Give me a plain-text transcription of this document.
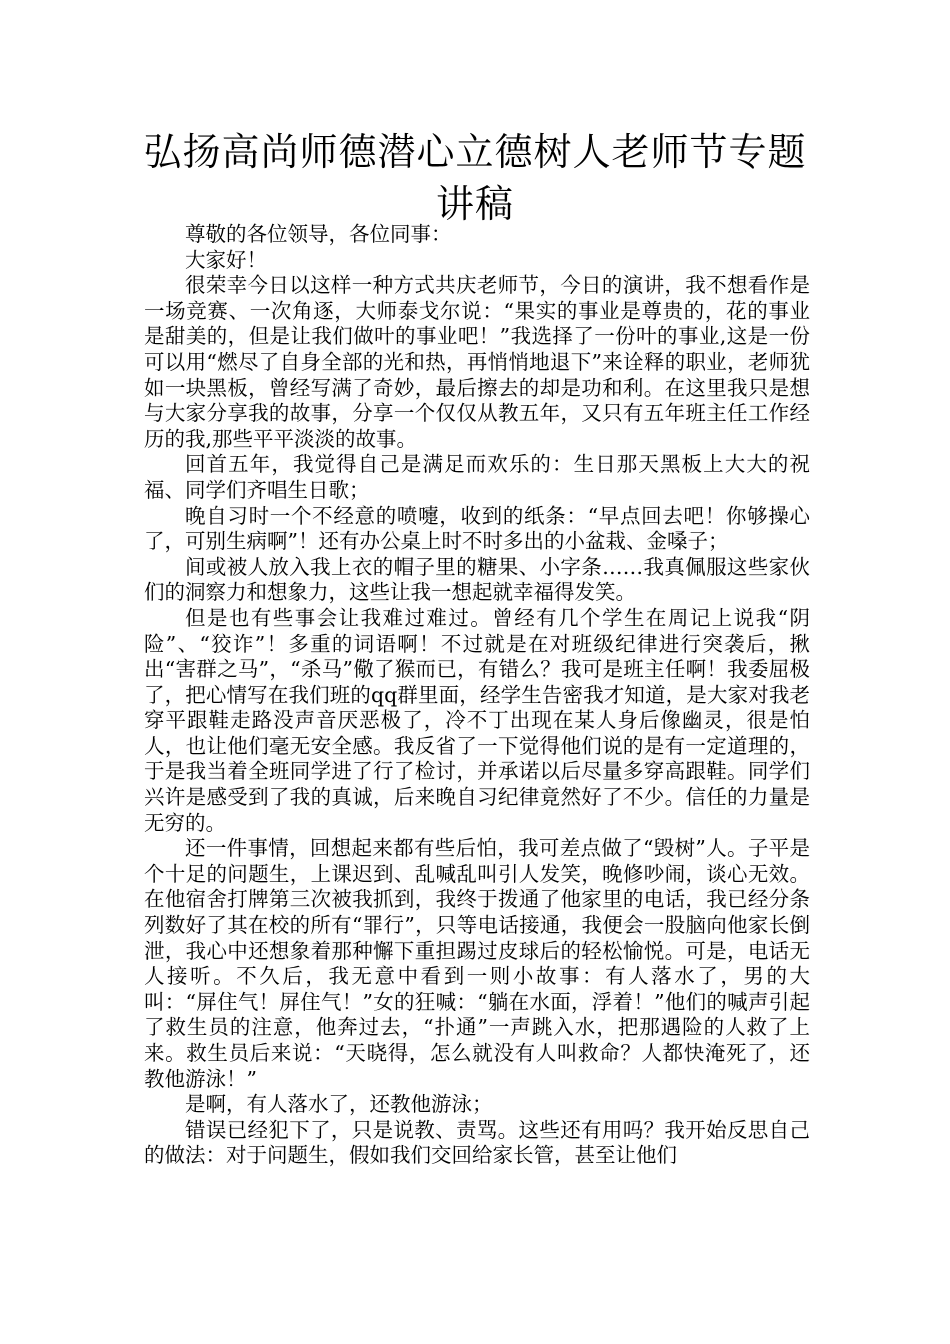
弘扬高尚师德潜心立德树人老师节专题讲稿

尊敬的各位领导，各位同事：

大家好！

很荣幸今日以这样一种方式共庆老师节，今日的演讲，我不想看作是一场竞赛、一次角逐，大师泰戈尔说：“果实的事业是尊贵的，花的事业是甜美的，但是让我们做叶的事业吧！”我选择了一份叶的事业,这是一份可以用“燃尽了自身全部的光和热，再悄悄地退下”来诠释的职业，老师犹如一块黑板，曾经写满了奇妙，最后擦去的却是功和利。在这里我只是想与大家分享我的故事，分享一个仅仅从教五年，又只有五年班主任工作经历的我,那些平平淡淡的故事。

回首五年，我觉得自己是满足而欢乐的：生日那天黑板上大大的祝福、同学们齐唱生日歌；

晚自习时一个不经意的喷嚏，收到的纸条：“早点回去吧！你够操心了，可别生病啊”！还有办公桌上时不时多出的小盆栽、金嗓子；

间或被人放入我上衣的帽子里的糖果、小字条……我真佩服这些家伙们的洞察力和想象力，这些让我一想起就幸福得发笑。

但是也有些事会让我难过难过。曾经有几个学生在周记上说我“阴险”、“狡诈”！多重的词语啊！不过就是在对班级纪律进行突袭后，揪出“害群之马”，“杀马”儆了猴而已，有错么？我可是班主任啊！我委屈极了，把心情写在我们班的qq群里面，经学生告密我才知道，是大家对我老穿平跟鞋走路没声音厌恶极了，冷不丁出现在某人身后像幽灵，很是怕人，也让他们毫无安全感。我反省了一下觉得他们说的是有一定道理的，于是我当着全班同学进了行了检讨，并承诺以后尽量多穿高跟鞋。同学们兴许是感受到了我的真诚，后来晚自习纪律竟然好了不少。信任的力量是无穷的。

还一件事情，回想起来都有些后怕，我可差点做了“毁树”人。子平是个十足的问题生，上课迟到、乱喊乱叫引人发笑，晚修吵闹，谈心无效。在他宿舍打牌第三次被我抓到，我终于拨通了他家里的电话，我已经分条列数好了其在校的所有“罪行”，只等电话接通，我便会一股脑向他家长倒泄，我心中还想象着那种懈下重担踢过皮球后的轻松愉悦。可是，电话无人接听。不久后，我无意中看到一则小故事：有人落水了，男的大叫：“屏住气！屏住气！”女的狂喊：“躺在水面，浮着！”他们的喊声引起了救生员的注意，他奔过去，“扑通”一声跳入水，把那遇险的人救了上来。救生员后来说：“天晓得，怎么就没有人叫救命？人都快淹死了，还教他游泳！”

是啊，有人落水了，还教他游泳；

错误已经犯下了，只是说教、责骂。这些还有用吗？我开始反思自己的做法：对于问题生，假如我们交回给家长管，甚至让他们
